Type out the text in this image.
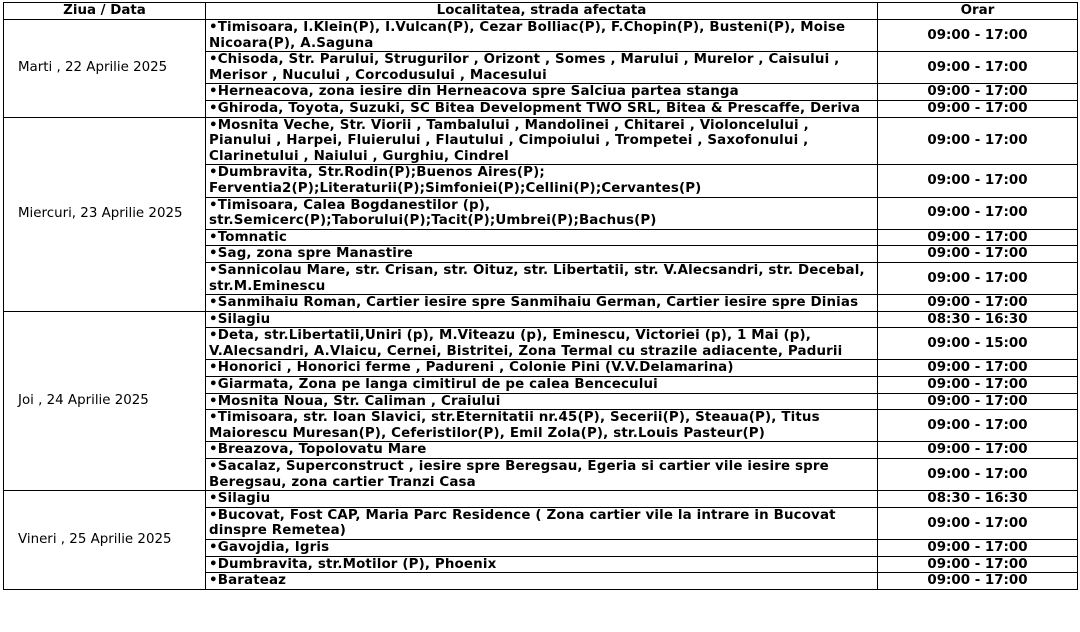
Ziua / Data	Localitatea, strada afectata	Orar
Marti , 22 Aprilie 2025	•Timisoara, I.Klein(P), I.Vulcan(P), Cezar Bolliac(P), F.Chopin(P), Busteni(P), Moise Nicoara(P), A.Saguna	09:00 - 17:00
	•Chisoda, Str. Parului, Strugurilor , Orizont , Somes , Marului , Murelor , Caisului , Merisor , Nucului , Corcodusului , Macesului	09:00 - 17:00
	•Herneacova, zona iesire din Herneacova spre Salciua partea stanga	09:00 - 17:00
	•Ghiroda, Toyota, Suzuki, SC Bitea Development TWO SRL, Bitea & Prescaffe, Deriva	09:00 - 17:00
Miercuri, 23 Aprilie 2025	•Mosnita Veche, Str. Viorii , Tambalului , Mandolinei , Chitarei , Violoncelului , Pianului , Harpei, Fluierului , Flautului , Cimpoiului , Trompetei , Saxofonului , Clarinetului , Naiului , Gurghiu, Cindrel	09:00 - 17:00
	•Dumbravita, Str.Rodin(P);Buenos Aires(P); Ferventia2(P);Literaturii(P);Simfoniei(P);Cellini(P);Cervantes(P)	09:00 - 17:00
	•Timisoara, Calea Bogdanestilor (p), str.Semicerc(P);Taborului(P);Tacit(P);Umbrei(P);Bachus(P)	09:00 - 17:00
	•Tomnatic	09:00 - 17:00
	•Sag, zona spre Manastire	09:00 - 17:00
	•Sannicolau Mare, str. Crisan, str. Oituz, str. Libertatii, str. V.Alecsandri, str. Decebal, str.M.Eminescu	09:00 - 17:00
	•Sanmihaiu Roman, Cartier iesire spre Sanmihaiu German, Cartier iesire spre Dinias	09:00 - 17:00
Joi , 24 Aprilie 2025	•Silagiu	08:30 - 16:30
	•Deta, str.Libertatii,Uniri (p), M.Viteazu (p), Eminescu, Victoriei (p), 1 Mai (p), V.Alecsandri, A.Vlaicu, Cernei, Bistritei, Zona Termal cu strazile adiacente, Padurii	09:00 - 15:00
	•Honorici , Honorici ferme , Padureni , Colonie Pini (V.V.Delamarina)	09:00 - 17:00
	•Giarmata, Zona pe langa cimitirul de pe calea Bencecului	09:00 - 17:00
	•Mosnita Noua, Str. Caliman , Craiului	09:00 - 17:00
	•Timisoara, str. Ioan Slavici, str.Eternitatii nr.45(P), Secerii(P), Steaua(P), Titus Maiorescu Muresan(P), Ceferistilor(P), Emil Zola(P), str.Louis Pasteur(P)	09:00 - 17:00
	•Breazova, Topolovatu Mare	09:00 - 17:00
	•Sacalaz, Superconstruct , iesire spre Beregsau, Egeria si cartier vile iesire spre Beregsau, zona cartier Tranzi Casa	09:00 - 17:00
Vineri , 25 Aprilie 2025	•Silagiu	08:30 - 16:30
	•Bucovat, Fost CAP, Maria Parc Residence ( Zona cartier vile la intrare in Bucovat dinspre Remetea)	09:00 - 17:00
	•Gavojdia, Igris	09:00 - 17:00
	•Dumbravita, str.Motilor (P), Phoenix	09:00 - 17:00
	•Barateaz	09:00 - 17:00
